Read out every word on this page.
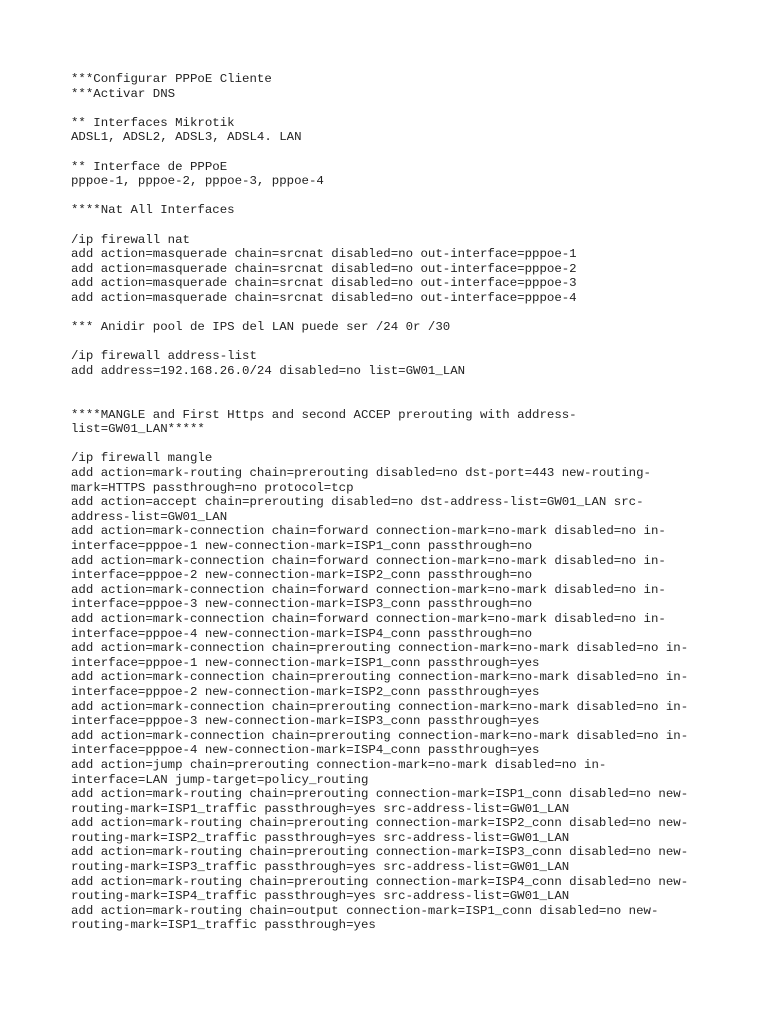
***Configurar PPPoE Cliente
***Activar DNS
** Interfaces Mikrotik
ADSL1, ADSL2, ADSL3, ADSL4. LAN
** Interface de PPPoE
pppoe-1, pppoe-2, pppoe-3, pppoe-4
****Nat All Interfaces
/ip firewall nat
add action=masquerade chain=srcnat disabled=no out-interface=pppoe-1
add action=masquerade chain=srcnat disabled=no out-interface=pppoe-2
add action=masquerade chain=srcnat disabled=no out-interface=pppoe-3
add action=masquerade chain=srcnat disabled=no out-interface=pppoe-4
*** Anidir pool de IPS del LAN puede ser /24 0r /30
/ip firewall address-list
add address=192.168.26.0/24 disabled=no list=GW01_LAN
****MANGLE and First Https and second ACCEP prerouting with address-
list=GW01_LAN*****
/ip firewall mangle
add action=mark-routing chain=prerouting disabled=no dst-port=443 new-routing-
mark=HTTPS passthrough=no protocol=tcp
add action=accept chain=prerouting disabled=no dst-address-list=GW01_LAN src-
address-list=GW01_LAN
add action=mark-connection chain=forward connection-mark=no-mark disabled=no in-
interface=pppoe-1 new-connection-mark=ISP1_conn passthrough=no
add action=mark-connection chain=forward connection-mark=no-mark disabled=no in-
interface=pppoe-2 new-connection-mark=ISP2_conn passthrough=no
add action=mark-connection chain=forward connection-mark=no-mark disabled=no in-
interface=pppoe-3 new-connection-mark=ISP3_conn passthrough=no
add action=mark-connection chain=forward connection-mark=no-mark disabled=no in-
interface=pppoe-4 new-connection-mark=ISP4_conn passthrough=no
add action=mark-connection chain=prerouting connection-mark=no-mark disabled=no in-
interface=pppoe-1 new-connection-mark=ISP1_conn passthrough=yes
add action=mark-connection chain=prerouting connection-mark=no-mark disabled=no in-
interface=pppoe-2 new-connection-mark=ISP2_conn passthrough=yes
add action=mark-connection chain=prerouting connection-mark=no-mark disabled=no in-
interface=pppoe-3 new-connection-mark=ISP3_conn passthrough=yes
add action=mark-connection chain=prerouting connection-mark=no-mark disabled=no in-
interface=pppoe-4 new-connection-mark=ISP4_conn passthrough=yes
add action=jump chain=prerouting connection-mark=no-mark disabled=no in-
interface=LAN jump-target=policy_routing
add action=mark-routing chain=prerouting connection-mark=ISP1_conn disabled=no new-
routing-mark=ISP1_traffic passthrough=yes src-address-list=GW01_LAN
add action=mark-routing chain=prerouting connection-mark=ISP2_conn disabled=no new-
routing-mark=ISP2_traffic passthrough=yes src-address-list=GW01_LAN
add action=mark-routing chain=prerouting connection-mark=ISP3_conn disabled=no new-
routing-mark=ISP3_traffic passthrough=yes src-address-list=GW01_LAN
add action=mark-routing chain=prerouting connection-mark=ISP4_conn disabled=no new-
routing-mark=ISP4_traffic passthrough=yes src-address-list=GW01_LAN
add action=mark-routing chain=output connection-mark=ISP1_conn disabled=no new-
routing-mark=ISP1_traffic passthrough=yes
